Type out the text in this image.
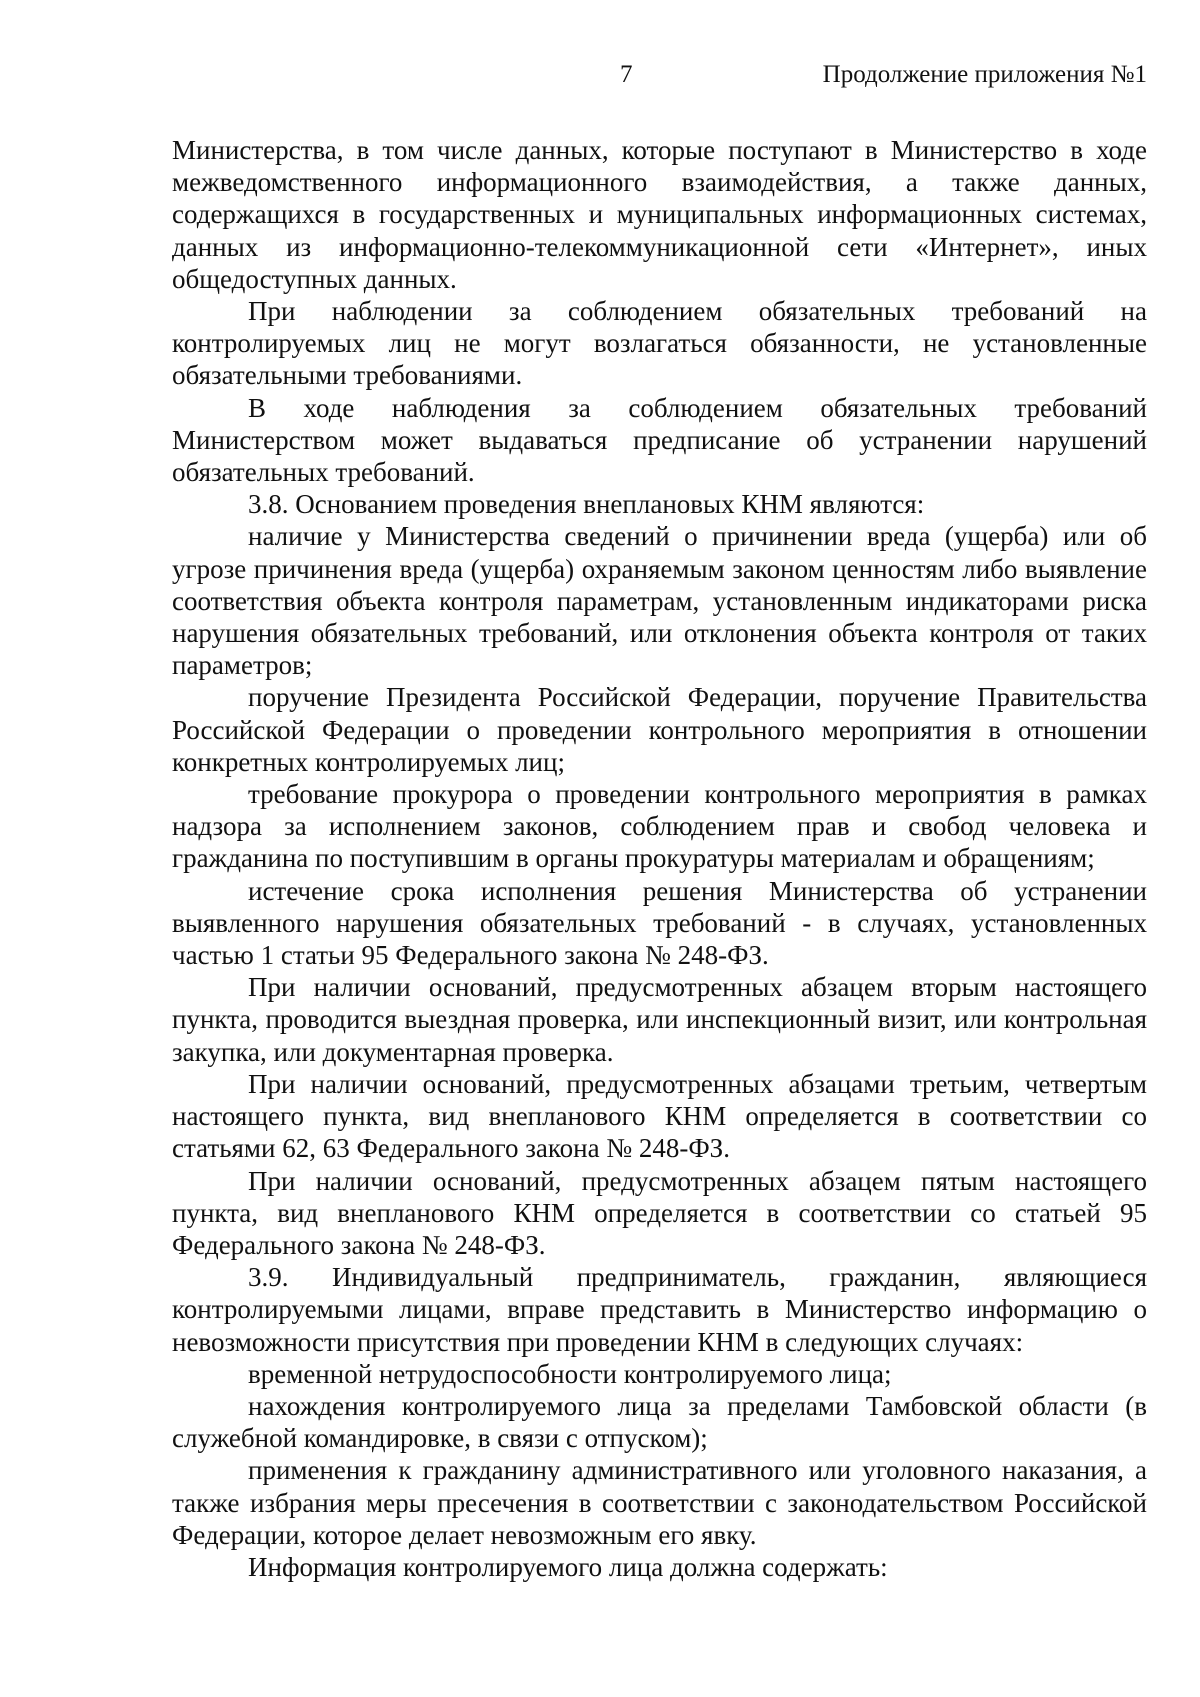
7	Продолжение приложения №1

Министерства, в том числе данных, которые поступают в Министерство в ходе межведомственного информационного взаимодействия, а также данных, содержащихся в государственных и муниципальных информационных системах, данных из информационно-телекоммуникационной сети «Интернет», иных общедоступных данных.

При наблюдении за соблюдением обязательных требований на контролируемых лиц не могут возлагаться обязанности, не установленные обязательными требованиями.

В ходе наблюдения за соблюдением обязательных требований Министерством может выдаваться предписание об устранении нарушений обязательных требований.

3.8. Основанием проведения внеплановых КНМ являются:

наличие у Министерства сведений о причинении вреда (ущерба) или об угрозе причинения вреда (ущерба) охраняемым законом ценностям либо выявление соответствия объекта контроля параметрам, установленным индикаторами риска нарушения обязательных требований, или отклонения объекта контроля от таких параметров;

поручение Президента Российской Федерации, поручение Правительства Российской Федерации о проведении контрольного мероприятия в отношении конкретных контролируемых лиц;

требование прокурора о проведении контрольного мероприятия в рамках надзора за исполнением законов, соблюдением прав и свобод человека и гражданина по поступившим в органы прокуратуры материалам и обращениям;

истечение срока исполнения решения Министерства об устранении выявленного нарушения обязательных требований - в случаях, установленных частью 1 статьи 95 Федерального закона № 248-ФЗ.

При наличии оснований, предусмотренных абзацем вторым настоящего пункта, проводится выездная проверка, или инспекционный визит, или контрольная закупка, или документарная проверка.

При наличии оснований, предусмотренных абзацами третьим, четвертым настоящего пункта, вид внепланового КНМ определяется в соответствии со статьями 62, 63 Федерального закона № 248-ФЗ.

При наличии оснований, предусмотренных абзацем пятым настоящего пункта, вид внепланового КНМ определяется в соответствии со статьей 95 Федерального закона № 248-ФЗ.

3.9. Индивидуальный предприниматель, гражданин, являющиеся контролируемыми лицами, вправе представить в Министерство информацию о невозможности присутствия при проведении КНМ в следующих случаях:

временной нетрудоспособности контролируемого лица;

нахождения контролируемого лица за пределами Тамбовской области (в служебной командировке, в связи с отпуском);

применения к гражданину административного или уголовного наказания, а также избрания меры пресечения в соответствии с законодательством Российской Федерации, которое делает невозможным его явку.

Информация контролируемого лица должна содержать:
